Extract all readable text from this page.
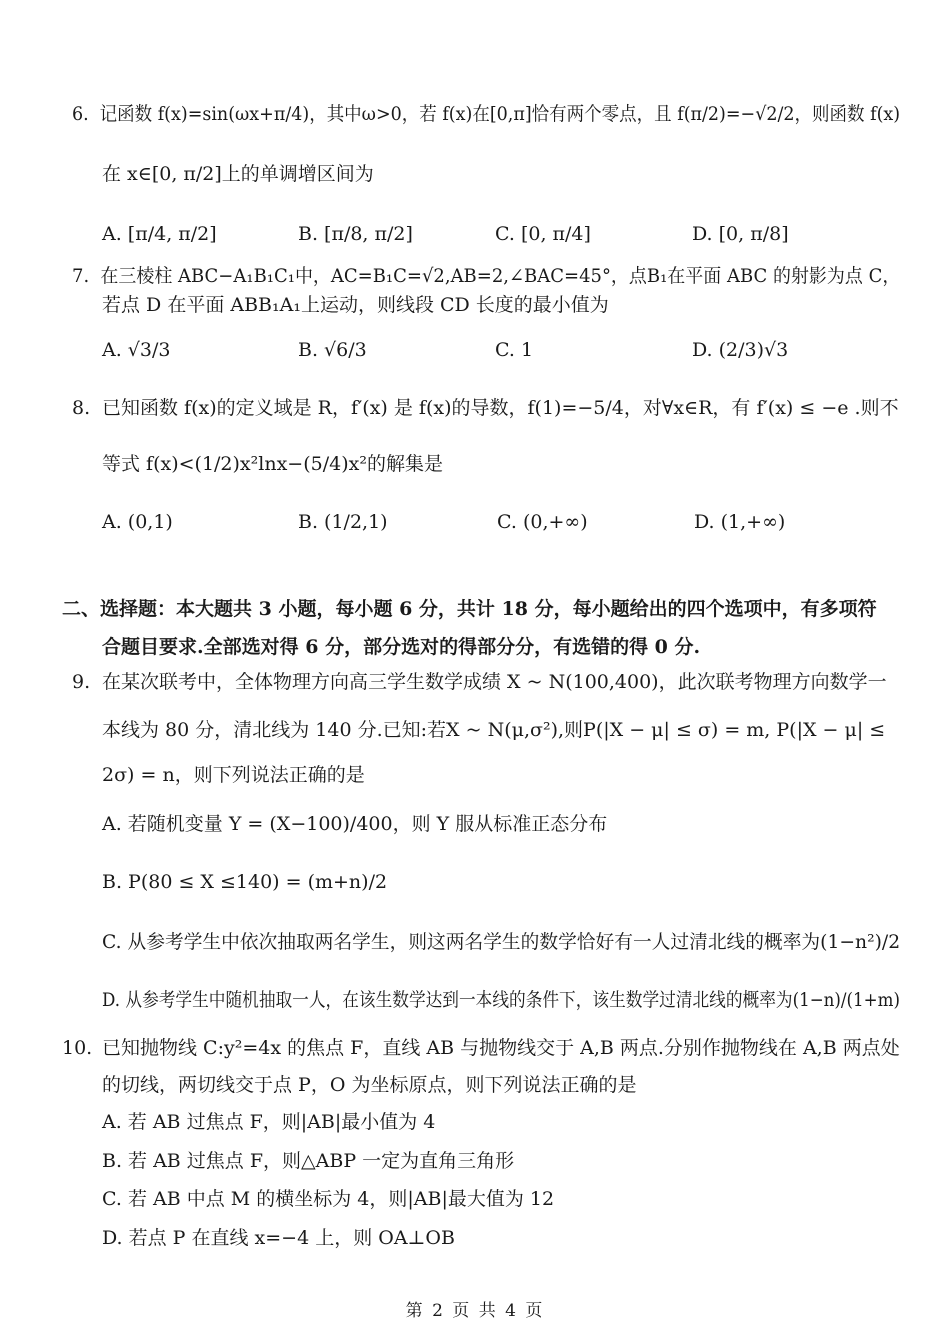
6. 记函数 f(x)=sin(ωx+π/4)，其中ω>0，若 f(x)在[0,π]恰有两个零点，且 f(π/2)=−√2/2，则函数 f(x)
在 x∈[0, π/2]上的单调增区间为
A. [π/4, π/2]	B. [π/8, π/2]	C. [0, π/4]	D. [0, π/8]
7. 在三棱柱 ABC−A₁B₁C₁中，AC=B₁C=√2,AB=2,∠BAC=45°，点B₁在平面 ABC 的射影为点 C，
若点 D 在平面 ABB₁A₁上运动，则线段 CD 长度的最小值为
A. √3/3	B. √6/3	C. 1	D. (2/3)√3
8. 已知函数 f(x)的定义域是 R，f′(x) 是 f(x)的导数，f(1)=−5/4，对∀x∈R，有 f′(x) ≤ −e .则不
等式 f(x)<(1/2)x²lnx−(5/4)x²的解集是
A. (0,1)	B. (1/2,1)	C. (0,+∞)	D. (1,+∞)
二、选择题：本大题共 3 小题，每小题 6 分，共计 18 分，每小题给出的四个选项中，有多项符
合题目要求.全部选对得 6 分，部分选对的得部分分，有选错的得 0 分.
9. 在某次联考中，全体物理方向高三学生数学成绩 X ~ N(100,400)，此次联考物理方向数学一
本线为 80 分，清北线为 140 分.已知:若X ~ N(μ,σ²),则P(|X − μ| ≤ σ) = m, P(|X − μ| ≤
2σ) = n，则下列说法正确的是
A. 若随机变量 Y = (X−100)/400，则 Y 服从标准正态分布
B. P(80 ≤ X ≤140) = (m+n)/2
C. 从参考学生中依次抽取两名学生，则这两名学生的数学恰好有一人过清北线的概率为(1−n²)/2
D. 从参考学生中随机抽取一人，在该生数学达到一本线的条件下，该生数学过清北线的概率为(1−n)/(1+m)
10. 已知抛物线 C:y²=4x 的焦点 F，直线 AB 与抛物线交于 A,B 两点.分别作抛物线在 A,B 两点处
的切线，两切线交于点 P，O 为坐标原点，则下列说法正确的是
A. 若 AB 过焦点 F，则|AB|最小值为 4
B. 若 AB 过焦点 F，则△ABP 一定为直角三角形
C. 若 AB 中点 M 的横坐标为 4，则|AB|最大值为 12
D. 若点 P 在直线 x=−4 上，则 OA⊥OB
第 2 页 共 4 页
